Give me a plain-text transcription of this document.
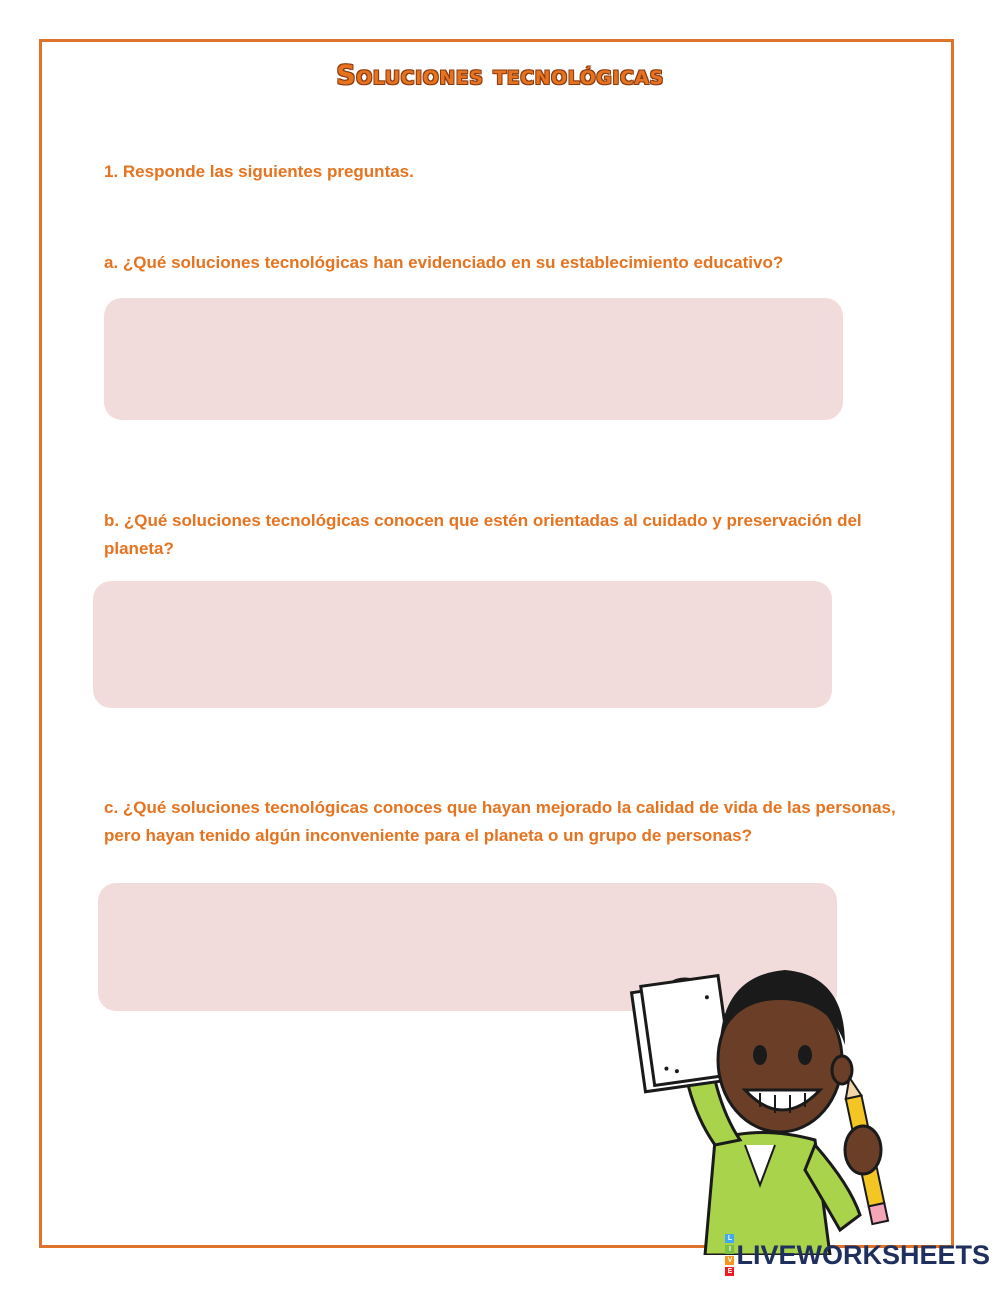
Soluciones tecnológicas
1. Responde las siguientes preguntas.
a. ¿Qué soluciones tecnológicas han evidenciado en su establecimiento educativo?
b. ¿Qué soluciones tecnológicas conocen que estén orientadas al cuidado y preservación del planeta?
c. ¿Qué soluciones tecnológicas conoces que hayan mejorado la calidad de vida de las personas, pero hayan tenido algún inconveniente para el planeta o un grupo de personas?
L
I
V
E
LIVEWORKSHEETS
